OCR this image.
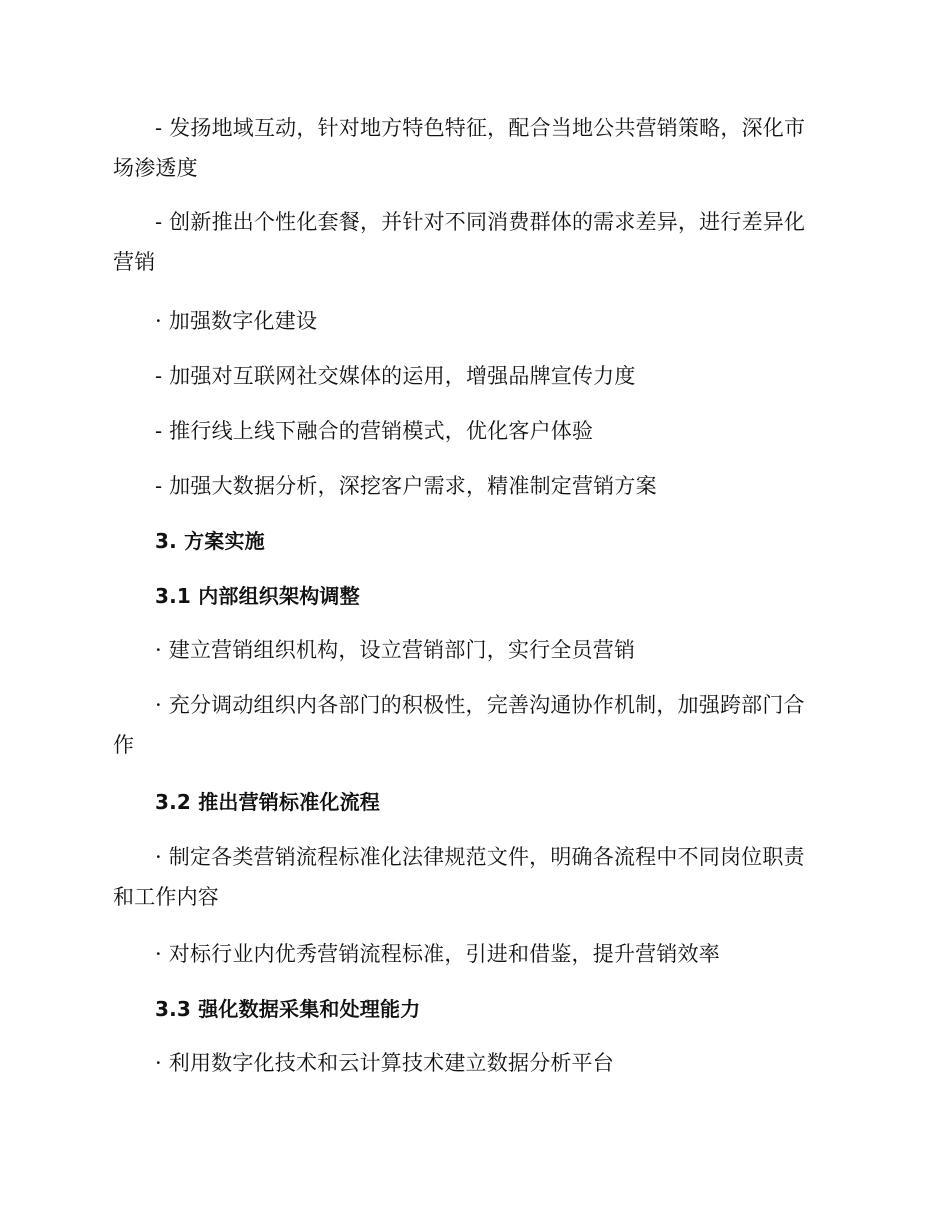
- 发扬地域互动，针对地方特色特征，配合当地公共营销策略，深化市场渗透度

- 创新推出个性化套餐，并针对不同消费群体的需求差异，进行差异化营销

· 加强数字化建设

- 加强对互联网社交媒体的运用，增强品牌宣传力度

- 推行线上线下融合的营销模式，优化客户体验

- 加强大数据分析，深挖客户需求，精准制定营销方案

3. 方案实施

3.1 内部组织架构调整

· 建立营销组织机构，设立营销部门，实行全员营销

· 充分调动组织内各部门的积极性，完善沟通协作机制，加强跨部门合作

3.2 推出营销标准化流程

· 制定各类营销流程标准化法律规范文件，明确各流程中不同岗位职责和工作内容

· 对标行业内优秀营销流程标准，引进和借鉴，提升营销效率

3.3 强化数据采集和处理能力

· 利用数字化技术和云计算技术建立数据分析平台
